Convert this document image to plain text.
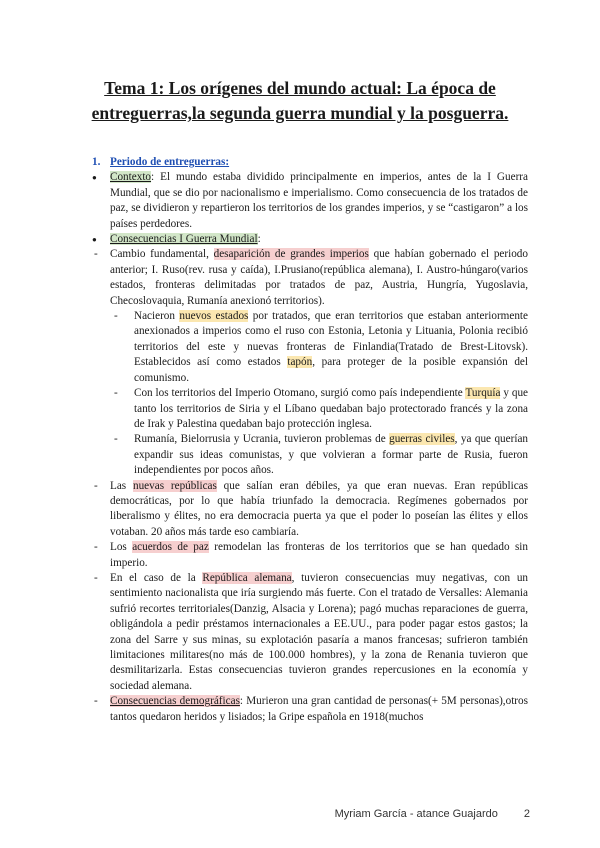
Tema 1: Los orígenes del mundo actual: La época de entreguerras,la segunda guerra mundial y la posguerra.
1. Periodo de entreguerras:
● Contexto: El mundo estaba dividido principalmente en imperios, antes de la I Guerra Mundial, que se dio por nacionalismo e imperialismo. Como consecuencia de los tratados de paz, se dividieron y repartieron los territorios de los grandes imperios, y se “castigaron” a los países perdedores.
● Consecuencias I Guerra Mundial:
- Cambio fundamental, desaparición de grandes imperios que habían gobernado el periodo anterior; I. Ruso(rev. rusa y caída), I.Prusiano(república alemana), I. Austro-húngaro(varios estados, fronteras delimitadas por tratados de paz, Austria, Hungría, Yugoslavia, Checoslovaquia, Rumanía anexionó territorios).
- Nacieron nuevos estados por tratados, que eran territorios que estaban anteriormente anexionados a imperios como el ruso con Estonia, Letonia y Lituania, Polonia recibió territorios del este y nuevas fronteras de Finlandia(Tratado de Brest-Litovsk). Establecidos así como estados tapón, para proteger de la posible expansión del comunismo.
- Con los territorios del Imperio Otomano, surgió como país independiente Turquía y que tanto los territorios de Siria y el Líbano quedaban bajo protectorado francés y la zona de Irak y Palestina quedaban bajo protección inglesa.
- Rumanía, Bielorrusia y Ucrania, tuvieron problemas de guerras civiles, ya que querían expandir sus ideas comunistas, y que volvieran a formar parte de Rusia, fueron independientes por pocos años.
- Las nuevas repúblicas que salían eran débiles, ya que eran nuevas. Eran repúblicas democráticas, por lo que había triunfado la democracia. Regímenes gobernados por liberalismo y élites, no era democracia puerta ya que el poder lo poseían las élites y ellos votaban. 20 años más tarde eso cambiaría.
- Los acuerdos de paz remodelan las fronteras de los territorios que se han quedado sin imperio.
- En el caso de la República alemana, tuvieron consecuencias muy negativas, con un sentimiento nacionalista que iría surgiendo más fuerte. Con el tratado de Versalles: Alemania sufrió recortes territoriales(Danzig, Alsacia y Lorena); pagó muchas reparaciones de guerra, obligándola a pedir préstamos internacionales a EE.UU., para poder pagar estos gastos; la zona del Sarre y sus minas, su explotación pasaría a manos francesas; sufrieron también limitaciones militares(no más de 100.000 hombres), y la zona de Renania tuvieron que desmilitarizarla. Estas consecuencias tuvieron grandes repercusiones en la economía y sociedad alemana.
- Consecuencias demográficas: Murieron una gran cantidad de personas(+ 5M personas),otros tantos quedaron heridos y lisiados; la Gripe española en 1918(muchos
Myriam García - atance Guajardo 2
